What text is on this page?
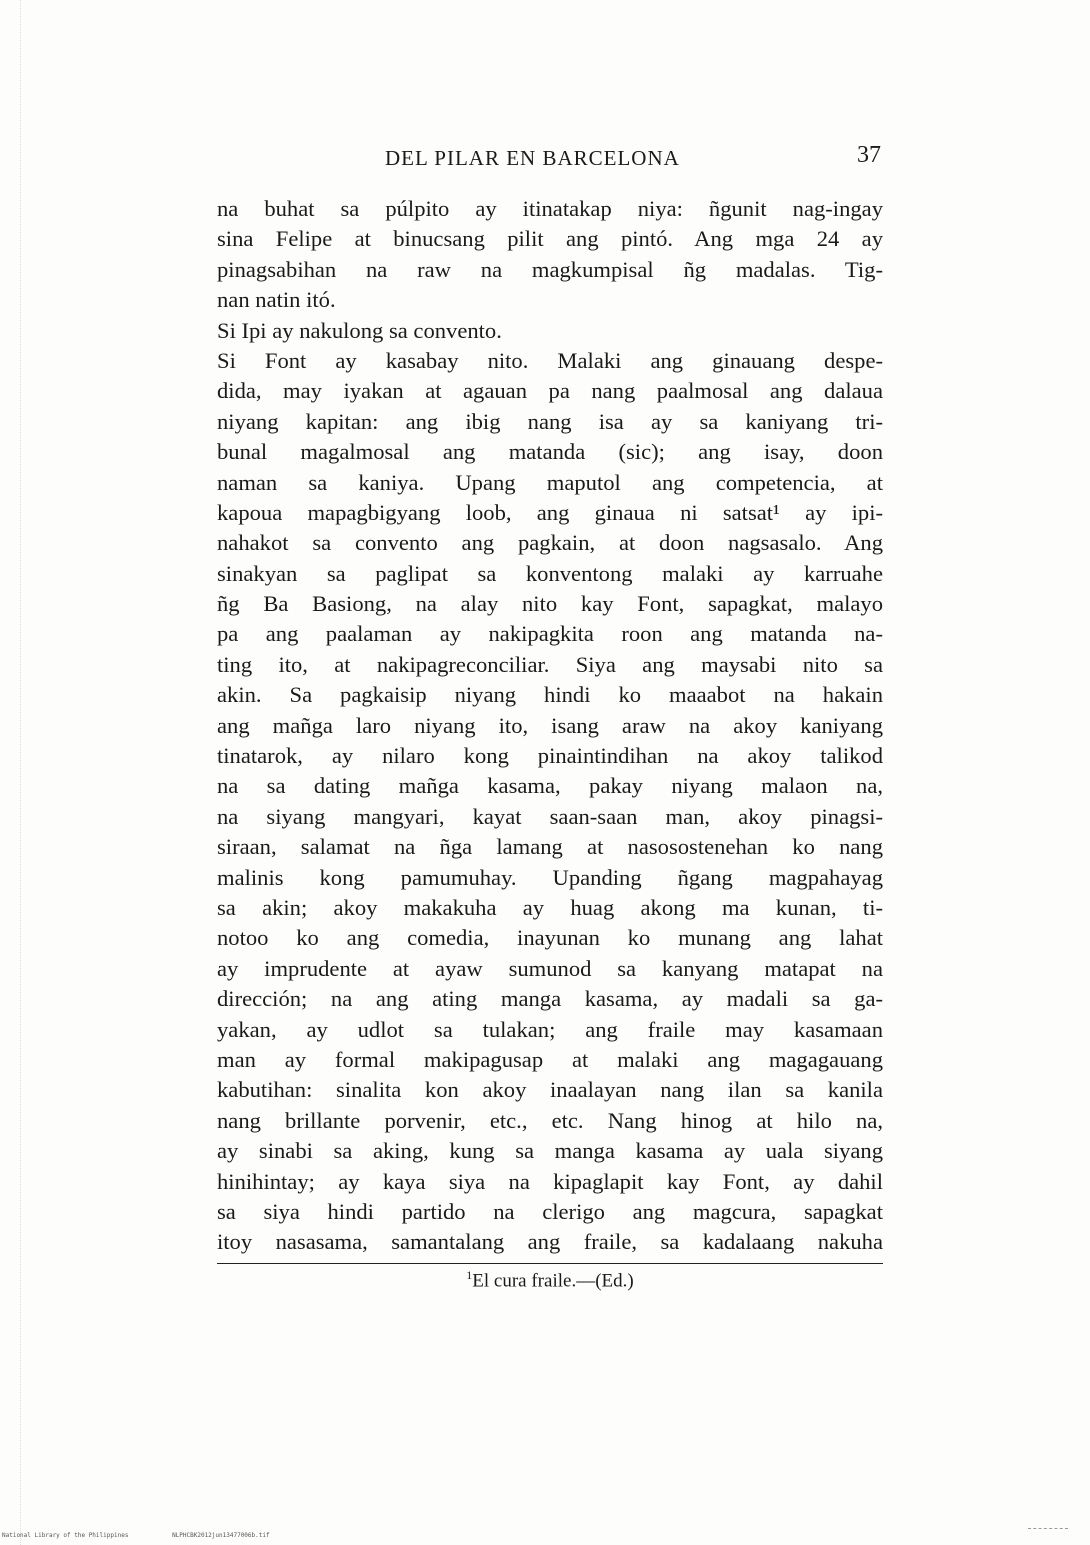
DEL PILAR EN BARCELONA	37
na buhat sa púlpito ay itinatakap niya: ñgunit nag-ingay
sina Felipe at binucsang pilit ang pintó. Ang mga 24 ay
pinagsabihan na raw na magkumpisal ñg madalas. Tig-
nan natin itó.
Si Ipi ay nakulong sa convento.
Si Font ay kasabay nito. Malaki ang ginauang despe-
dida, may iyakan at agauan pa nang paalmosal ang dalaua
niyang kapitan: ang ibig nang isa ay sa kaniyang tri-
bunal magalmosal ang matanda (sic); ang isay, doon
naman sa kaniya. Upang maputol ang competencia, at
kapoua mapagbigyang loob, ang ginaua ni satsat¹ ay ipi-
nahakot sa convento ang pagkain, at doon nagsasalo. Ang
sinakyan sa paglipat sa konventong malaki ay karruahe
ñg Ba Basiong, na alay nito kay Font, sapagkat, malayo
pa ang paalaman ay nakipagkita roon ang matanda na-
ting ito, at nakipagreconciliar. Siya ang maysabi nito sa
akin. Sa pagkaisip niyang hindi ko maaabot na hakain
ang mañga laro niyang ito, isang araw na akoy kaniyang
tinatarok, ay nilaro kong pinaintindihan na akoy talikod
na sa dating mañga kasama, pakay niyang malaon na,
na siyang mangyari, kayat saan-saan man, akoy pinagsi-
siraan, salamat na ñga lamang at nasosostenehan ko nang
malinis kong pamumuhay. Upanding ñgang magpahayag
sa akin; akoy makakuha ay huag akong ma kunan, ti-
notoo ko ang comedia, inayunan ko munang ang lahat
ay imprudente at ayaw sumunod sa kanyang matapat na
dirección; na ang ating manga kasama, ay madali sa ga-
yakan, ay udlot sa tulakan; ang fraile may kasamaan
man ay formal makipagusap at malaki ang magagauang
kabutihan: sinalita kon akoy inaalayan nang ilan sa kanila
nang brillante porvenir, etc., etc. Nang hinog at hilo na,
ay sinabi sa aking, kung sa manga kasama ay uala siyang
hinihintay; ay kaya siya na kipaglapit kay Font, ay dahil
sa siya hindi partido na clerigo ang magcura, sapagkat
itoy nasasama, samantalang ang fraile, sa kadalaang nakuha
$^1$El cura fraile.—(Ed.)
National Library of the Philippines	NLPHCBK2012jun13477006b.tif
